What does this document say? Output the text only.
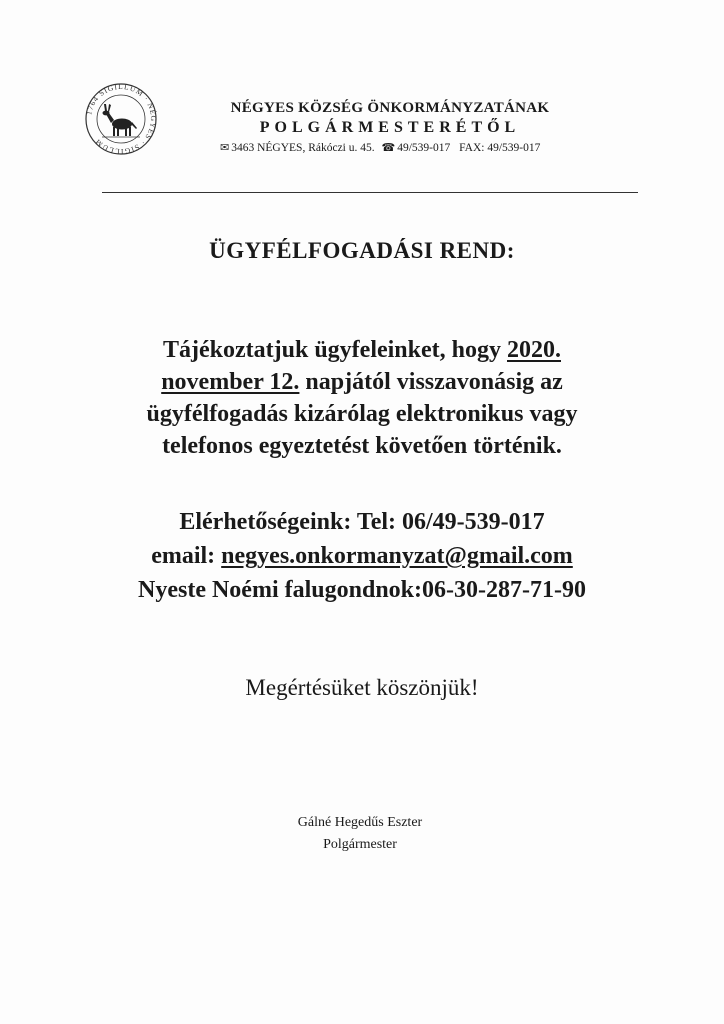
1764 SIGILLUM · NÉGYES · SIGILLUM
NÉGYES KÖZSÉG ÖNKORMÁNYZATÁNAK
POLGÁRMESTERÉTŐL
✉ 3463 NÉGYES, Rákóczi u. 45. ☎ 49/539-017 FAX: 49/539-017
ÜGYFÉLFOGADÁSI REND:
Tájékoztatjuk ügyfeleinket, hogy 2020.
november 12. napjától visszavonásig az
ügyfélfogadás kizárólag elektronikus vagy
telefonos egyeztetést követően történik.
Elérhetőségeink: Tel: 06/49-539-017
email: negyes.onkormanyzat@gmail.com
Nyeste Noémi falugondnok:06-30-287-71-90
Megértésüket köszönjük!
Gálné Hegedűs Eszter
Polgármester
